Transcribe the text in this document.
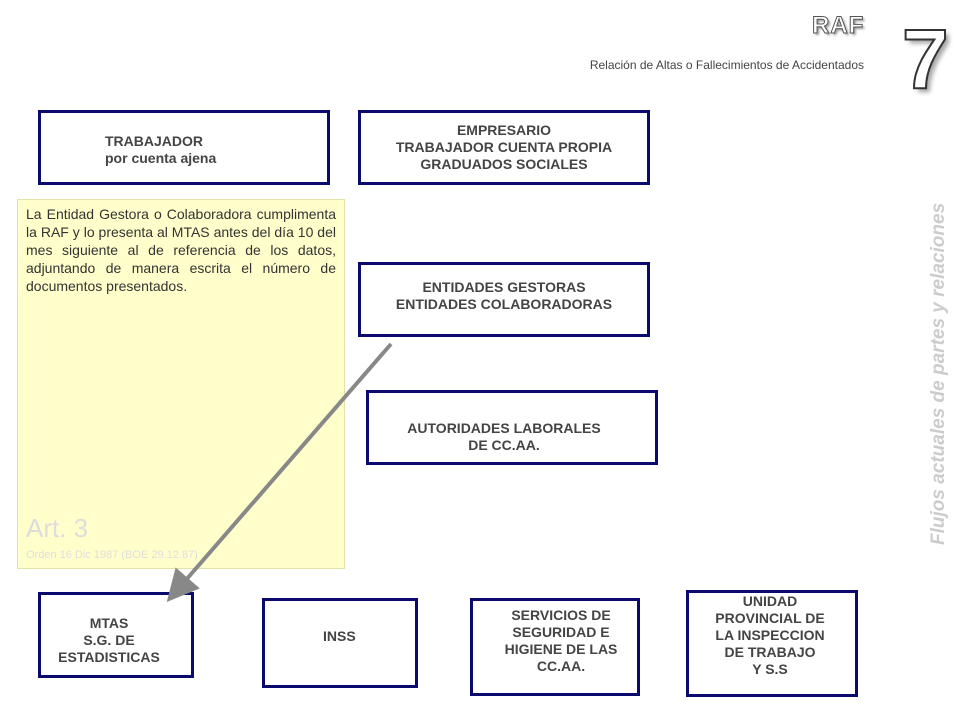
RAF
Relación de Altas o Fallecimientos de Accidentados 7
Flujos actuales de partes y relaciones

La Entidad Gestora o Colaboradora cumplimenta la RAF y lo presenta al MTAS antes del día 10 del mes siguiente al de referencia de los datos, adjuntando de manera escrita el número de documentos presentados.

Art. 3
Orden 16 Dic 1987 (BOE 29.12.87)
TRABAJADOR
por cuenta ajena
EMPRESARIO
TRABAJADOR CUENTA PROPIA
GRADUADOS SOCIALES
ENTIDADES GESTORAS
ENTIDADES COLABORADORAS
AUTORIDADES LABORALES
DE CC.AA.
MTAS
S.G. DE
ESTADISTICAS
INSS
SERVICIOS DE
SEGURIDAD E
HIGIENE DE LAS
CC.AA.
UNIDAD
PROVINCIAL DE
LA INSPECCION
DE TRABAJO
Y S.S
